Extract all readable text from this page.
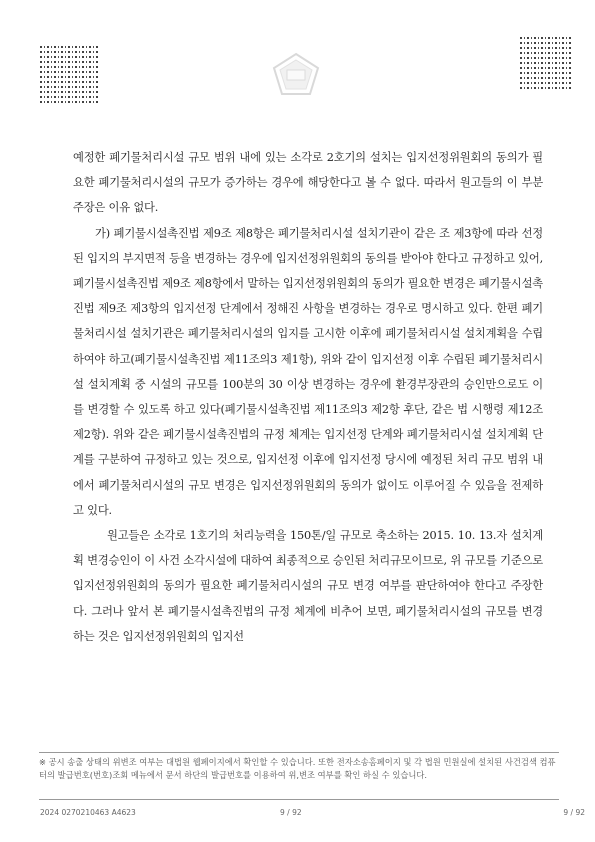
예정한 폐기물처리시설 규모 범위 내에 있는 소각로 2호기의 설치는 입지선정위원회의 동의가 필요한 폐기물처리시설의 규모가 증가하는 경우에 해당한다고 볼 수 없다. 따라서 원고들의 이 부분 주장은 이유 없다.

가) 폐기물시설촉진법 제9조 제8항은 폐기물처리시설 설치기관이 같은 조 제3항에 따라 선정된 입지의 부지면적 등을 변경하는 경우에 입지선정위원회의 동의를 받아야 한다고 규정하고 있어, 폐기물시설촉진법 제9조 제8항에서 말하는 입지선정위원회의 동의가 필요한 변경은 폐기물시설촉진법 제9조 제3항의 입지선정 단계에서 정해진 사항을 변경하는 경우로 명시하고 있다. 한편 폐기물처리시설 설치기관은 폐기물처리시설의 입지를 고시한 이후에 폐기물처리시설 설치계획을 수립하여야 하고(폐기물시설촉진법 제11조의3 제1항), 위와 같이 입지선정 이후 수립된 폐기물처리시설 설치계획 중 시설의 규모를 100분의 30 이상 변경하는 경우에 환경부장관의 승인만으로도 이를 변경할 수 있도록 하고 있다(폐기물시설촉진법 제11조의3 제2항 후단, 같은 법 시행령 제12조 제2항). 위와 같은 폐기물시설촉진법의 규정 체계는 입지선정 단계와 폐기물처리시설 설치계획 단계를 구분하여 규정하고 있는 것으로, 입지선정 이후에 입지선정 당시에 예정된 처리 규모 범위 내에서 폐기물처리시설의 규모 변경은 입지선정위원회의 동의가 없이도 이루어질 수 있음을 전제하고 있다.

원고들은 소각로 1호기의 처리능력을 150톤/일 규모로 축소하는 2015. 10. 13.자 설치계획 변경승인이 이 사건 소각시설에 대하여 최종적으로 승인된 처리규모이므로, 위 규모를 기준으로 입지선정위원회의 동의가 필요한 폐기물처리시설의 규모 변경 여부를 판단하여야 한다고 주장한다. 그러나 앞서 본 폐기물시설촉진법의 규정 체계에 비추어 보면, 폐기물처리시설의 규모를 변경하는 것은 입지선정위원회의 입지선

※ 공시 송출 상태의 위변조 여부는 대법원 웹페이지에서 확인할 수 있습니다. 또한 전자소송홈페이지 및 각 법원 민원실에 설치된 사건검색 컴퓨터의 발급번호(번호)조회 메뉴에서 문서 하단의 발급번호를 이용하여 위,변조 여부를 확인 하실 수 있습니다.
2024 0270210463 A4623	9 / 92	9 / 92
